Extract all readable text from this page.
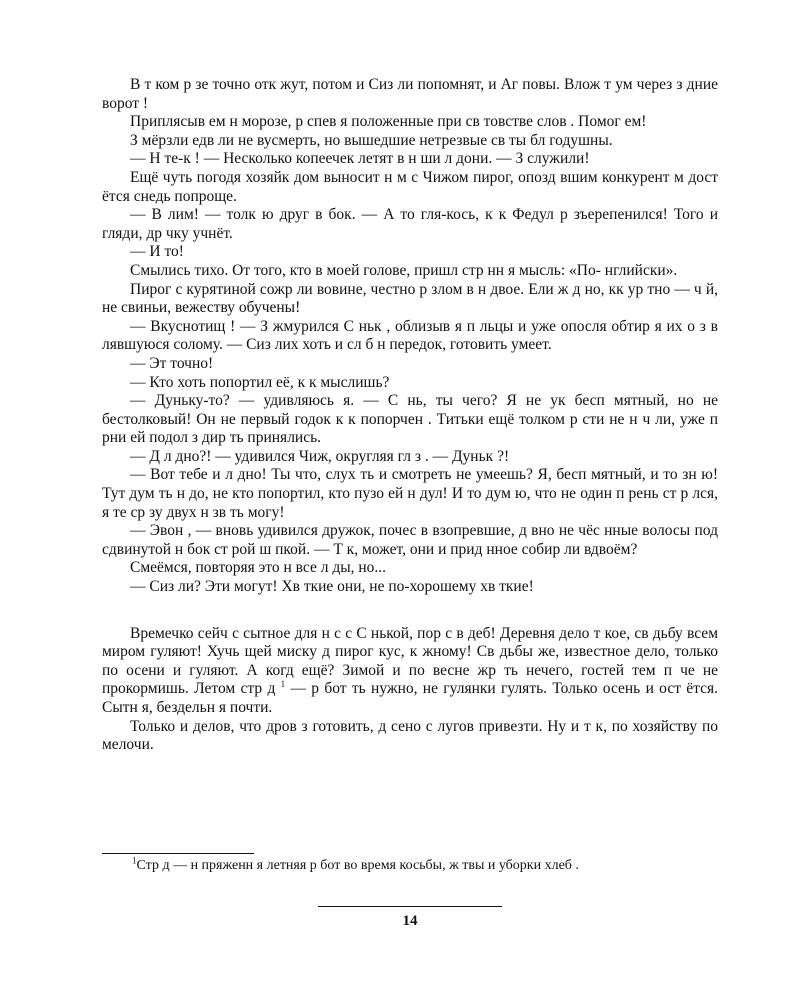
В т ком р зе точно отк жут, потом и Сиз ли попомнят, и Аг повы. Влож т ум через з дние ворот !

Приплясыв ем н морозе, р спев я положенные при св товстве слов . Помог ем!

З мёрзли едв ли не вусмерть, но вышедшие нетрезвые св ты бл годушны.

— Н те-к ! — Несколько копеечек летят в н ши л дони. — З служили!

Ещё чуть погодя хозяйк дом выносит н м с Чижом пирог, опозд вшим конкурент м дост ётся снедь попроще.

— В лим! — толк ю друг в бок. — А то гля-кось, к к Федул р зъерепенился! Того и гляди, др чку учнёт.

— И то!

Смылись тихо. От того, кто в моей голове, пришл стр нн я мысль: «По- нглийски».

Пирог с курятиной сожр ли вовине, честно р злом в н двое. Ели ж д но, кк ур тно — ч й, не свиньи, вежеству обучены!

— Вкуснотищ ! — З жмурился С ньк , облизыв я п льцы и уже опосля обтир я их о з в лявшуюся солому. — Сиз лих хоть и сл б н передок, готовить умеет.

— Эт точно!

— Кто хоть попортил её, к к мыслишь?

— Дуньку-то? — удивляюсь я. — С нь, ты чего? Я не ук бесп мятный, но не бестолковый! Он не первый годок к к попорчен . Титьки ещё толком р сти не н ч ли, уже п рни ей подол з дир ть принялись.

— Д л дно?! — удивился Чиж, округляя гл з . — Дуньк ?!

— Вот тебе и л дно! Ты что, слух ть и смотреть не умеешь? Я, бесп мятный, и то зн ю! Тут дум ть н до, не кто попортил, кто пузо ей н дул! И то дум ю, что не один п рень ст р лся, я те ср зу двух н зв ть могу!

— Эвон , — вновь удивился дружок, почес в взопревшие, д вно не чёс нные волосы под сдвинутой н бок ст рой ш пкой. — Т к, может, они и прид нное собир ли вдвоём?

Смеёмся, повторяя это н все л ды, но...

— Сиз ли? Эти могут! Хв ткие они, не по-хорошему хв ткие!

Времечко сейч с сытное для н с с С нькой, пор с в деб! Деревня дело т кое, св дьбу всем миром гуляют! Хучь щей миску д пирог кус, к жному! Св дьбы же, известное дело, только по осени и гуляют. А когд ещё? Зимой и по весне жр ть нечего, гостей тем п че не прокормишь. Летом стр д $^1$ — р бот ть нужно, не гулянки гулять. Только осень и ост ётся. Сытн я, бездельн я почти.

Только и делов, что дров з готовить, д сено с лугов привезти. Ну и т к, по хозяйству по мелочи.

$^1$Стр д — н пряженн я летняя р бот во время косьбы, ж твы и уборки хлеб .
14
